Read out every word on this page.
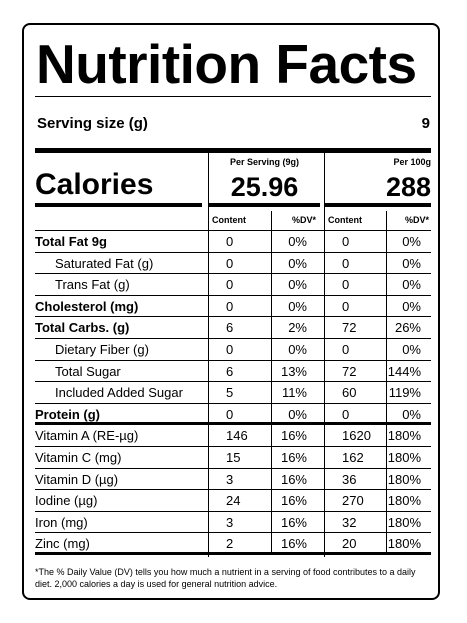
Nutrition Facts
Serving size (g)	9
Calories
Per Serving (9g)	Per 100g
25.96	288
Content	%DV* Content	%DV*
Total Fat 9g	0	0%	0	0%
Saturated Fat (g)	0	0%	0	0%
Trans Fat (g)	0	0%	0	0%
Cholesterol (mg)	0	0%	0	0%
Total Carbs. (g)	6	2%	72	26%
Dietary Fiber (g)	0	0%	0	0%
Total Sugar	6	13%	72	144%
Included Added Sugar	5	11%	60	119%
Protein (g)	0	0%	0	0%
Vitamin A (RE-µg)	146	16%	1620	180%
Vitamin C (mg)	15	16%	162	180%
Vitamin D (µg)	3	16%	36	180%
Iodine (µg)	24	16%	270	180%
Iron (mg)	3	16%	32	180%
Zinc (mg)	2	16%	20	180%
*The % Daily Value (DV) tells you how much a nutrient in a serving of food contributes to a daily diet. 2,000 calories a day is used for general nutrition advice.
